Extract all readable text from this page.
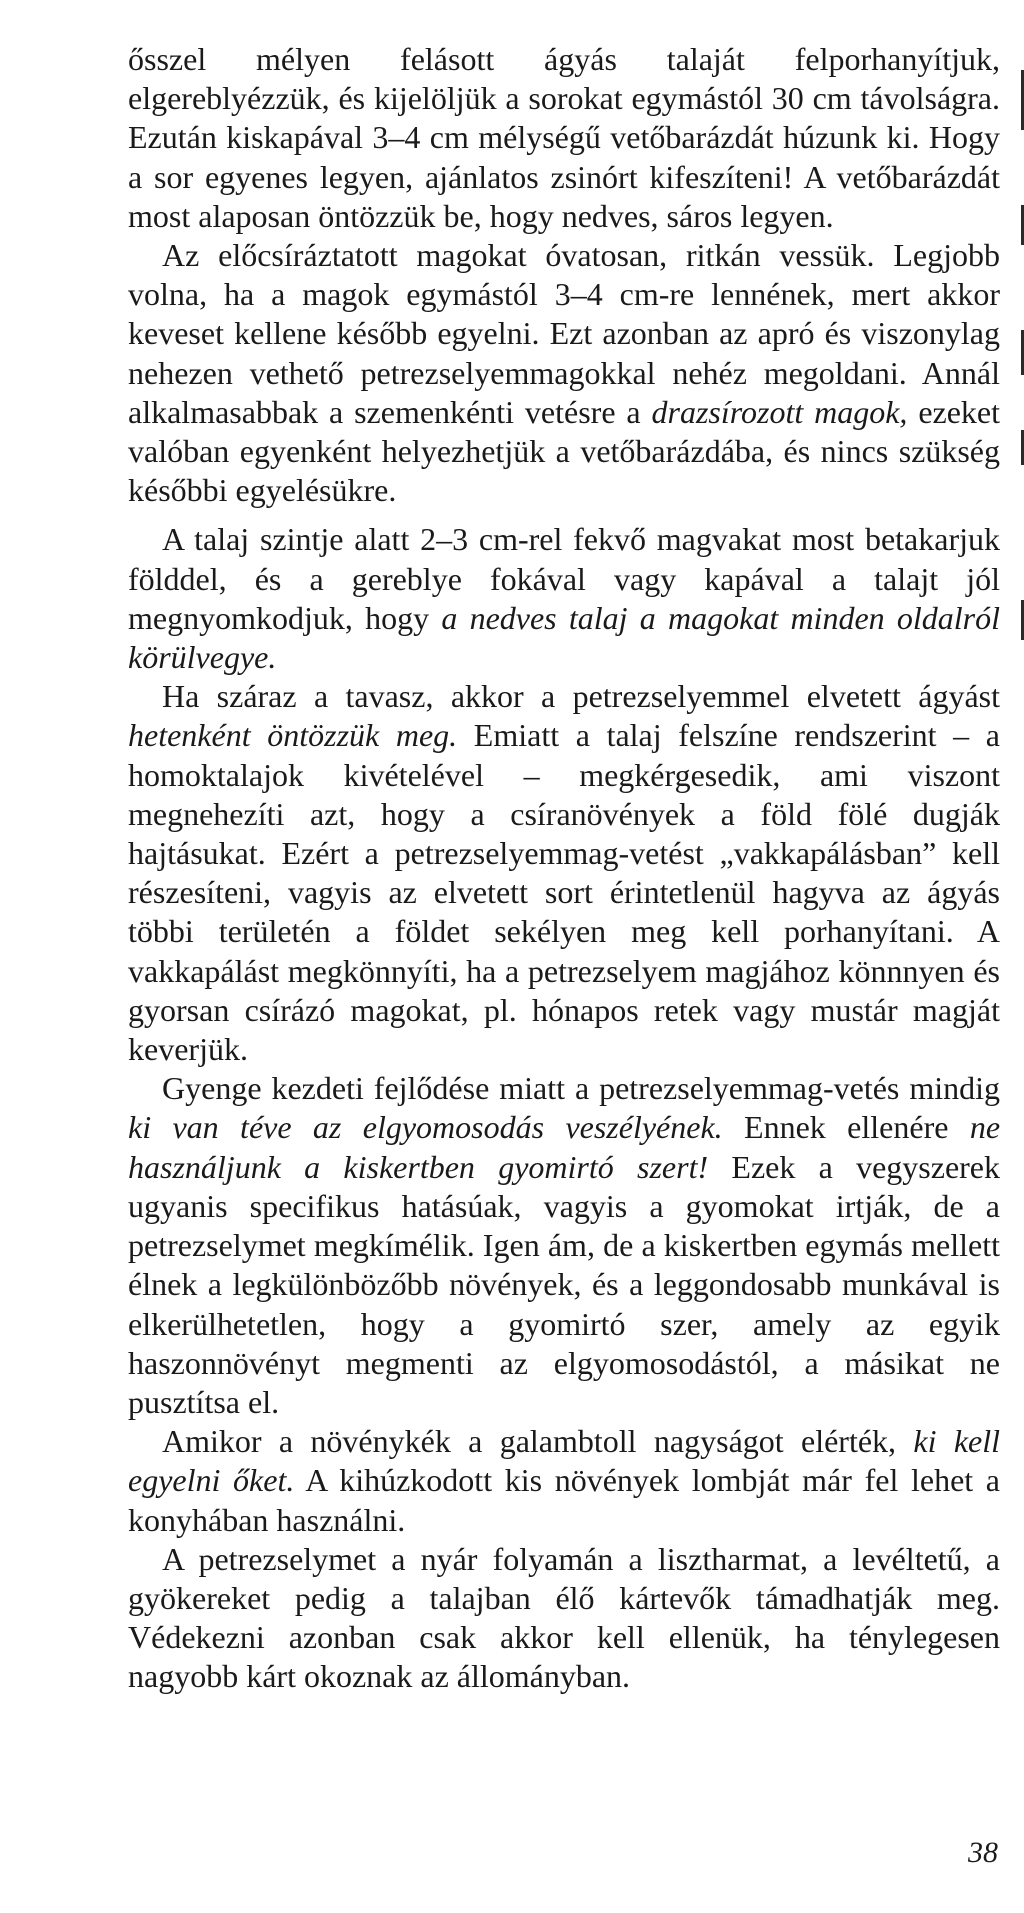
ősszel mélyen felásott ágyás talaját felporhanyítjuk, elgereblyézzük, és kijelöljük a sorokat egymástól 30 cm távolságra. Ezután kiskapával 3–4 cm mélységű vetőbarázdát húzunk ki. Hogy a sor egyenes legyen, ajánlatos zsinórt kifeszíteni! A vetőbarázdát most alaposan öntözzük be, hogy nedves, sáros legyen.

Az előcsíráztatott magokat óvatosan, ritkán vessük. Legjobb volna, ha a magok egymástól 3–4 cm-re lennének, mert akkor keveset kellene később egyelni. Ezt azonban az apró és viszonylag nehezen vethető petrezselyemmagokkal nehéz megoldani. Annál alkalmasabbak a szemenkénti vetésre a drazsírozott magok, ezeket valóban egyenként helyezhetjük a vetőbarázdába, és nincs szükség későbbi egyelésükre.

A talaj szintje alatt 2–3 cm-rel fekvő magvakat most betakarjuk földdel, és a gereblye fokával vagy kapával a talajt jól megnyomkodjuk, hogy a nedves talaj a magokat minden oldalról körülvegye.

Ha száraz a tavasz, akkor a petrezselyemmel elvetett ágyást hetenként öntözzük meg. Emiatt a talaj felszíne rendszerint – a homoktalajok kivételével – megkérgesedik, ami viszont megnehezíti azt, hogy a csíranövények a föld fölé dugják hajtásukat. Ezért a petrezselyemmag-vetést „vakkapálásban” kell részesíteni, vagyis az elvetett sort érintetlenül hagyva az ágyás többi területén a földet sekélyen meg kell porhanyítani. A vakkapálást megkönnyíti, ha a petrezselyem magjához könnnyen és gyorsan csírázó magokat, pl. hónapos retek vagy mustár magját keverjük.

Gyenge kezdeti fejlődése miatt a petrezselyemmag-vetés mindig ki van téve az elgyomosodás veszélyének. Ennek ellenére ne használjunk a kiskertben gyomirtó szert! Ezek a vegyszerek ugyanis specifikus hatásúak, vagyis a gyomokat irtják, de a petrezselymet megkímélik. Igen ám, de a kiskertben egymás mellett élnek a legkülönbözőbb növények, és a leggondosabb munkával is elkerülhetetlen, hogy a gyomirtó szer, amely az egyik haszonnövényt megmenti az elgyomosodástól, a másikat ne pusztítsa el.

Amikor a növénykék a galambtoll nagyságot elérték, ki kell egyelni őket. A kihúzkodott kis növények lombját már fel lehet a konyhában használni.

A petrezselymet a nyár folyamán a lisztharmat, a levéltetű, a gyökereket pedig a talajban élő kártevők támadhatják meg. Védekezni azonban csak akkor kell ellenük, ha ténylegesen nagyobb kárt okoznak az állományban.

38
